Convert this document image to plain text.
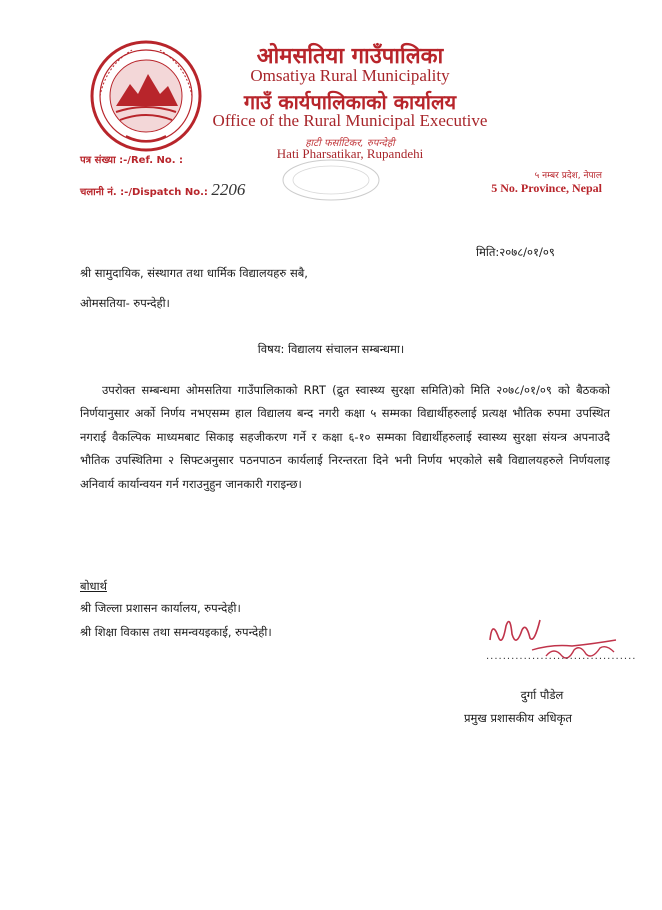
ओमसतिया गाउँपालिका
Omsatiya Rural Municipality
गाउँ कार्यपालिकाको कार्यालय
Office of the Rural Municipal Executive
हाटी फर्साटिकर, रुपन्देही
Hati Pharsatikar, Rupandehi
पत्र संख्या :-/Ref. No. :
चलानी नं. :-/Dispatch No.: 2206
५ नम्बर प्रदेश, नेपाल
5 No. Province, Nepal
मिति:२०७८/०१/०९
श्री सामुदायिक, संस्थागत तथा धार्मिक विद्यालयहरु सबै,
ओमसतिया- रुपन्देही।
विषय: विद्यालय संचालन सम्बन्धमा।
उपरोक्त सम्बन्धमा ओमसतिया गाउँपालिकाको RRT (द्रुत स्वास्थ्य सुरक्षा समिति)को मिति २०७८/०१/०९ को बैठकको निर्णयानुसार अर्को निर्णय नभएसम्म हाल विद्यालय बन्द नगरी कक्षा ५ सम्मका विद्यार्थीहरुलाई प्रत्यक्ष भौतिक रुपमा उपस्थित नगराई वैकल्पिक माध्यमबाट सिकाइ सहजीकरण गर्ने र कक्षा ६-१० सम्मका विद्यार्थीहरुलाई स्वास्थ्य सुरक्षा संयन्त्र अपनाउदै भौतिक उपस्थितिमा २ सिफ्टअनुसार पठनपाठन कार्यलाई निरन्तरता दिने भनी निर्णय भएकोले सबै विद्यालयहरुले निर्णयलाइ अनिवार्य कार्यान्वयन गर्न गराउनुहुन जानकारी गराइन्छ।
बोधार्थ
श्री जिल्ला प्रशासन कार्यालय, रुपन्देही।
श्री शिक्षा विकास तथा समन्वयइकाई, रुपन्देही।
....................................
दुर्गा पौडेल
प्रमुख प्रशासकीय अधिकृत
